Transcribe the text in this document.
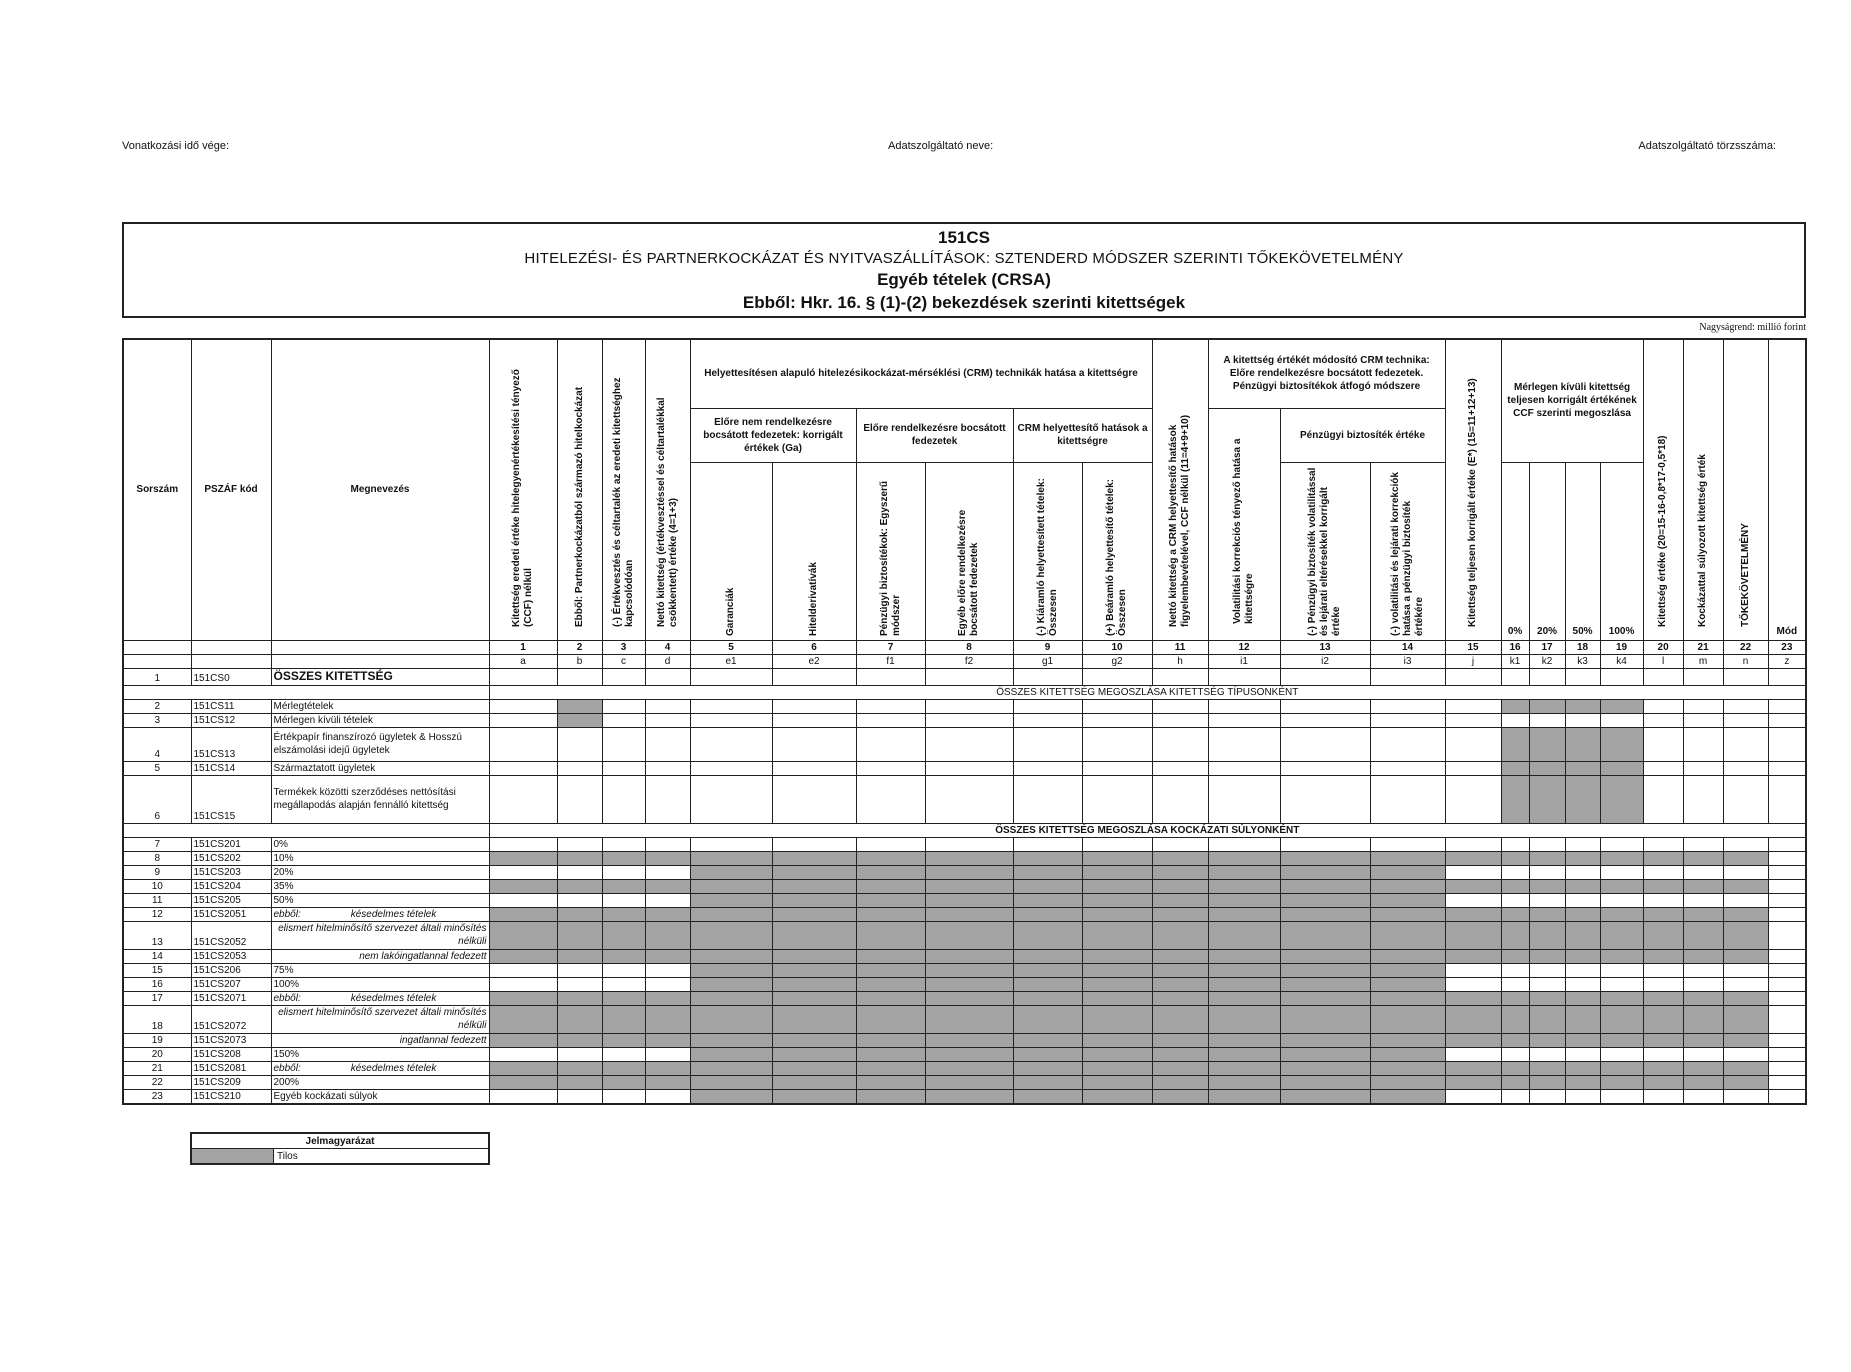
Vonatkozási idő vége:	Adatszolgáltató neve:	Adatszolgáltató törzsszáma:
151CS
HITELEZÉSI- ÉS PARTNERKOCKÁZAT ÉS NYITVASZÁLLÍTÁSOK: SZTENDERD MÓDSZER SZERINTI TŐKEKÖVETELMÉNY
Egyéb tételek (CRSA)
Ebből: Hkr. 16. § (1)-(2) bekezdések szerinti kitettségek
Nagyságrend: millió forint
Sorszám	PSZÁF kód	Megnevezés	Kitettség eredeti értéke hitelegyenértékesítési tényező (CCF) nélkül	Ebből: Partnerkockázatból származó hitelkockázat	(-) Értékvesztés és céltartalék az eredeti kitettséghez kapcsolódóan	Nettó kitettség (értékvesztéssel és céltartalékkal csökkentett) értéke (4=1+3)	Helyettesítésen alapuló hitelezésikockázat-mérséklési (CRM) technikák hatása a kitettségre						Nettó kitettség a CRM helyettesítő hatások figyelembevételével, CCF nélkül (11=4+9+10)	A kitettség értékét módosító CRM technika: Előre rendelkezésre bocsátott fedezetek. Pénzügyi biztosítékok átfogó módszere			Kitettség teljesen korrigált értéke (E*) (15=11+12+13)	Mérlegen kívüli kitettség teljesen korrigált értékének CCF szerinti megoszlása				Kitettség értéke (20=15-16-0,8*17-0,5*18)	Kockázattal súlyozott kitettség érték	TŐKEKÖVETELMÉNY	Mód
							Előre nem rendelkezésre bocsátott fedezetek: korrigált értékek (Ga)		Előre rendelkezésre bocsátott fedezetek		CRM helyettesítő hatások a kitettségre			Volatilitási korrekciós tényező hatása a kitettségre	Pénzügyi biztosíték értéke										

							Garanciák	Hitelderivatívák	Pénzügyi biztosítékok: Egyszerű módszer	Egyéb előre rendelkezésre bocsátott fedezetek	(-) Kiáramló helyettesített tételek: Összesen	(+) Beáramló helyettesítő tételek: Összesen			(-) Pénzügyi biztosíték volatilitással és lejárati eltérésekkel korrigált értéke	(-) volatilitási és lejárati korrekciók hatása a pénzügyi biztosíték értékére		0%	20%	50%	100%				
			1	2	3	4	5	6	7	8	9	10	11	12	13	14	15	16	17	18	19	20	21	22	23
			a	b	c	d	e1	e2	f1	f2	g1	g2	h	i1	i2	i3	j	k1	k2	k3	k4	l	m	n	z
1	151CS0	ÖSSZES KITETTSÉG																							
			ÖSSZES KITETTSÉG MEGOSZLÁSA KITETTSÉG TÍPUSONKÉNT																						
2	151CS11	Mérlegtételek																							
3	151CS12	Mérlegen kívüli tételek																							
4	151CS13	Értékpapír finanszírozó ügyletek & Hosszú elszámolási idejű ügyletek																							
5	151CS14	Származtatott ügyletek																							
6	151CS15	Termékek közötti szerződéses nettósítási megállapodás alapján fennálló kitettség																							
			ÖSSZES KITETTSÉG MEGOSZLÁSA KOCKÁZATI SÚLYONKÉNT																						
7	151CS201	0%																							
8	151CS202	10%																							
9	151CS203	20%																							
10	151CS204	35%																							
11	151CS205	50%																							
12	151CS2051	ebből: késedelmes tételek																							
13	151CS2052	elismert hitelminősítő szervezet általi minősítés nélküli																							
14	151CS2053	nem lakóingatlannal fedezett																							
15	151CS206	75%																							
16	151CS207	100%																							
17	151CS2071	ebből: késedelmes tételek																							
18	151CS2072	elismert hitelminősítő szervezet általi minősítés nélküli																							
19	151CS2073	ingatlannal fedezett																							
20	151CS208	150%																							
21	151CS2081	ebből: késedelmes tételek																							
22	151CS209	200%																							
23	151CS210	Egyéb kockázati súlyok																							
Jelmagyarázat
	Tilos
